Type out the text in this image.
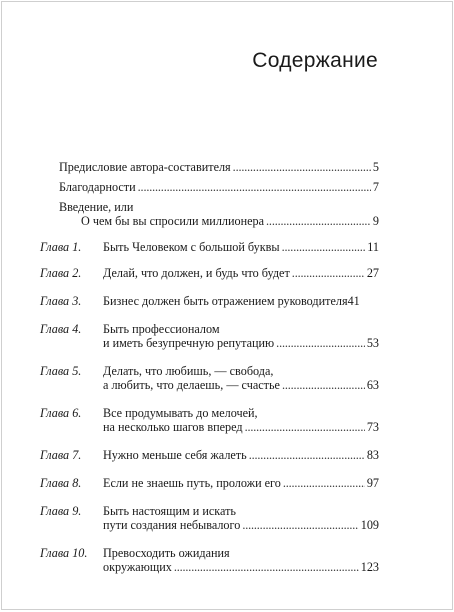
Содержание
Предисловие автора-составителя . . .	5
Благодарности . . .	7
Введение, или
О чем бы вы спросили миллионера . . .	9
Глава 1. Быть Человеком с большой буквы . . .	11
Глава 2. Делай, что должен, и будь что будет . . .	27
Глава 3. Бизнес должен быть отражением руководителя 41
Глава 4. Быть профессионалом
и иметь безупречную репутацию . . .	53
Глава 5. Делать, что любишь, — свобода,
а любить, что делаешь, — счастье . . .	63
Глава 6. Все продумывать до мелочей,
на несколько шагов вперед . . .	73
Глава 7. Нужно меньше себя жалеть . . .	83
Глава 8. Если не знаешь путь, проложи его . . .	97
Глава 9. Быть настоящим и искать
пути создания небывалого . . .	109
Глава 10. Превосходить ожидания
окружающих . . .	123
